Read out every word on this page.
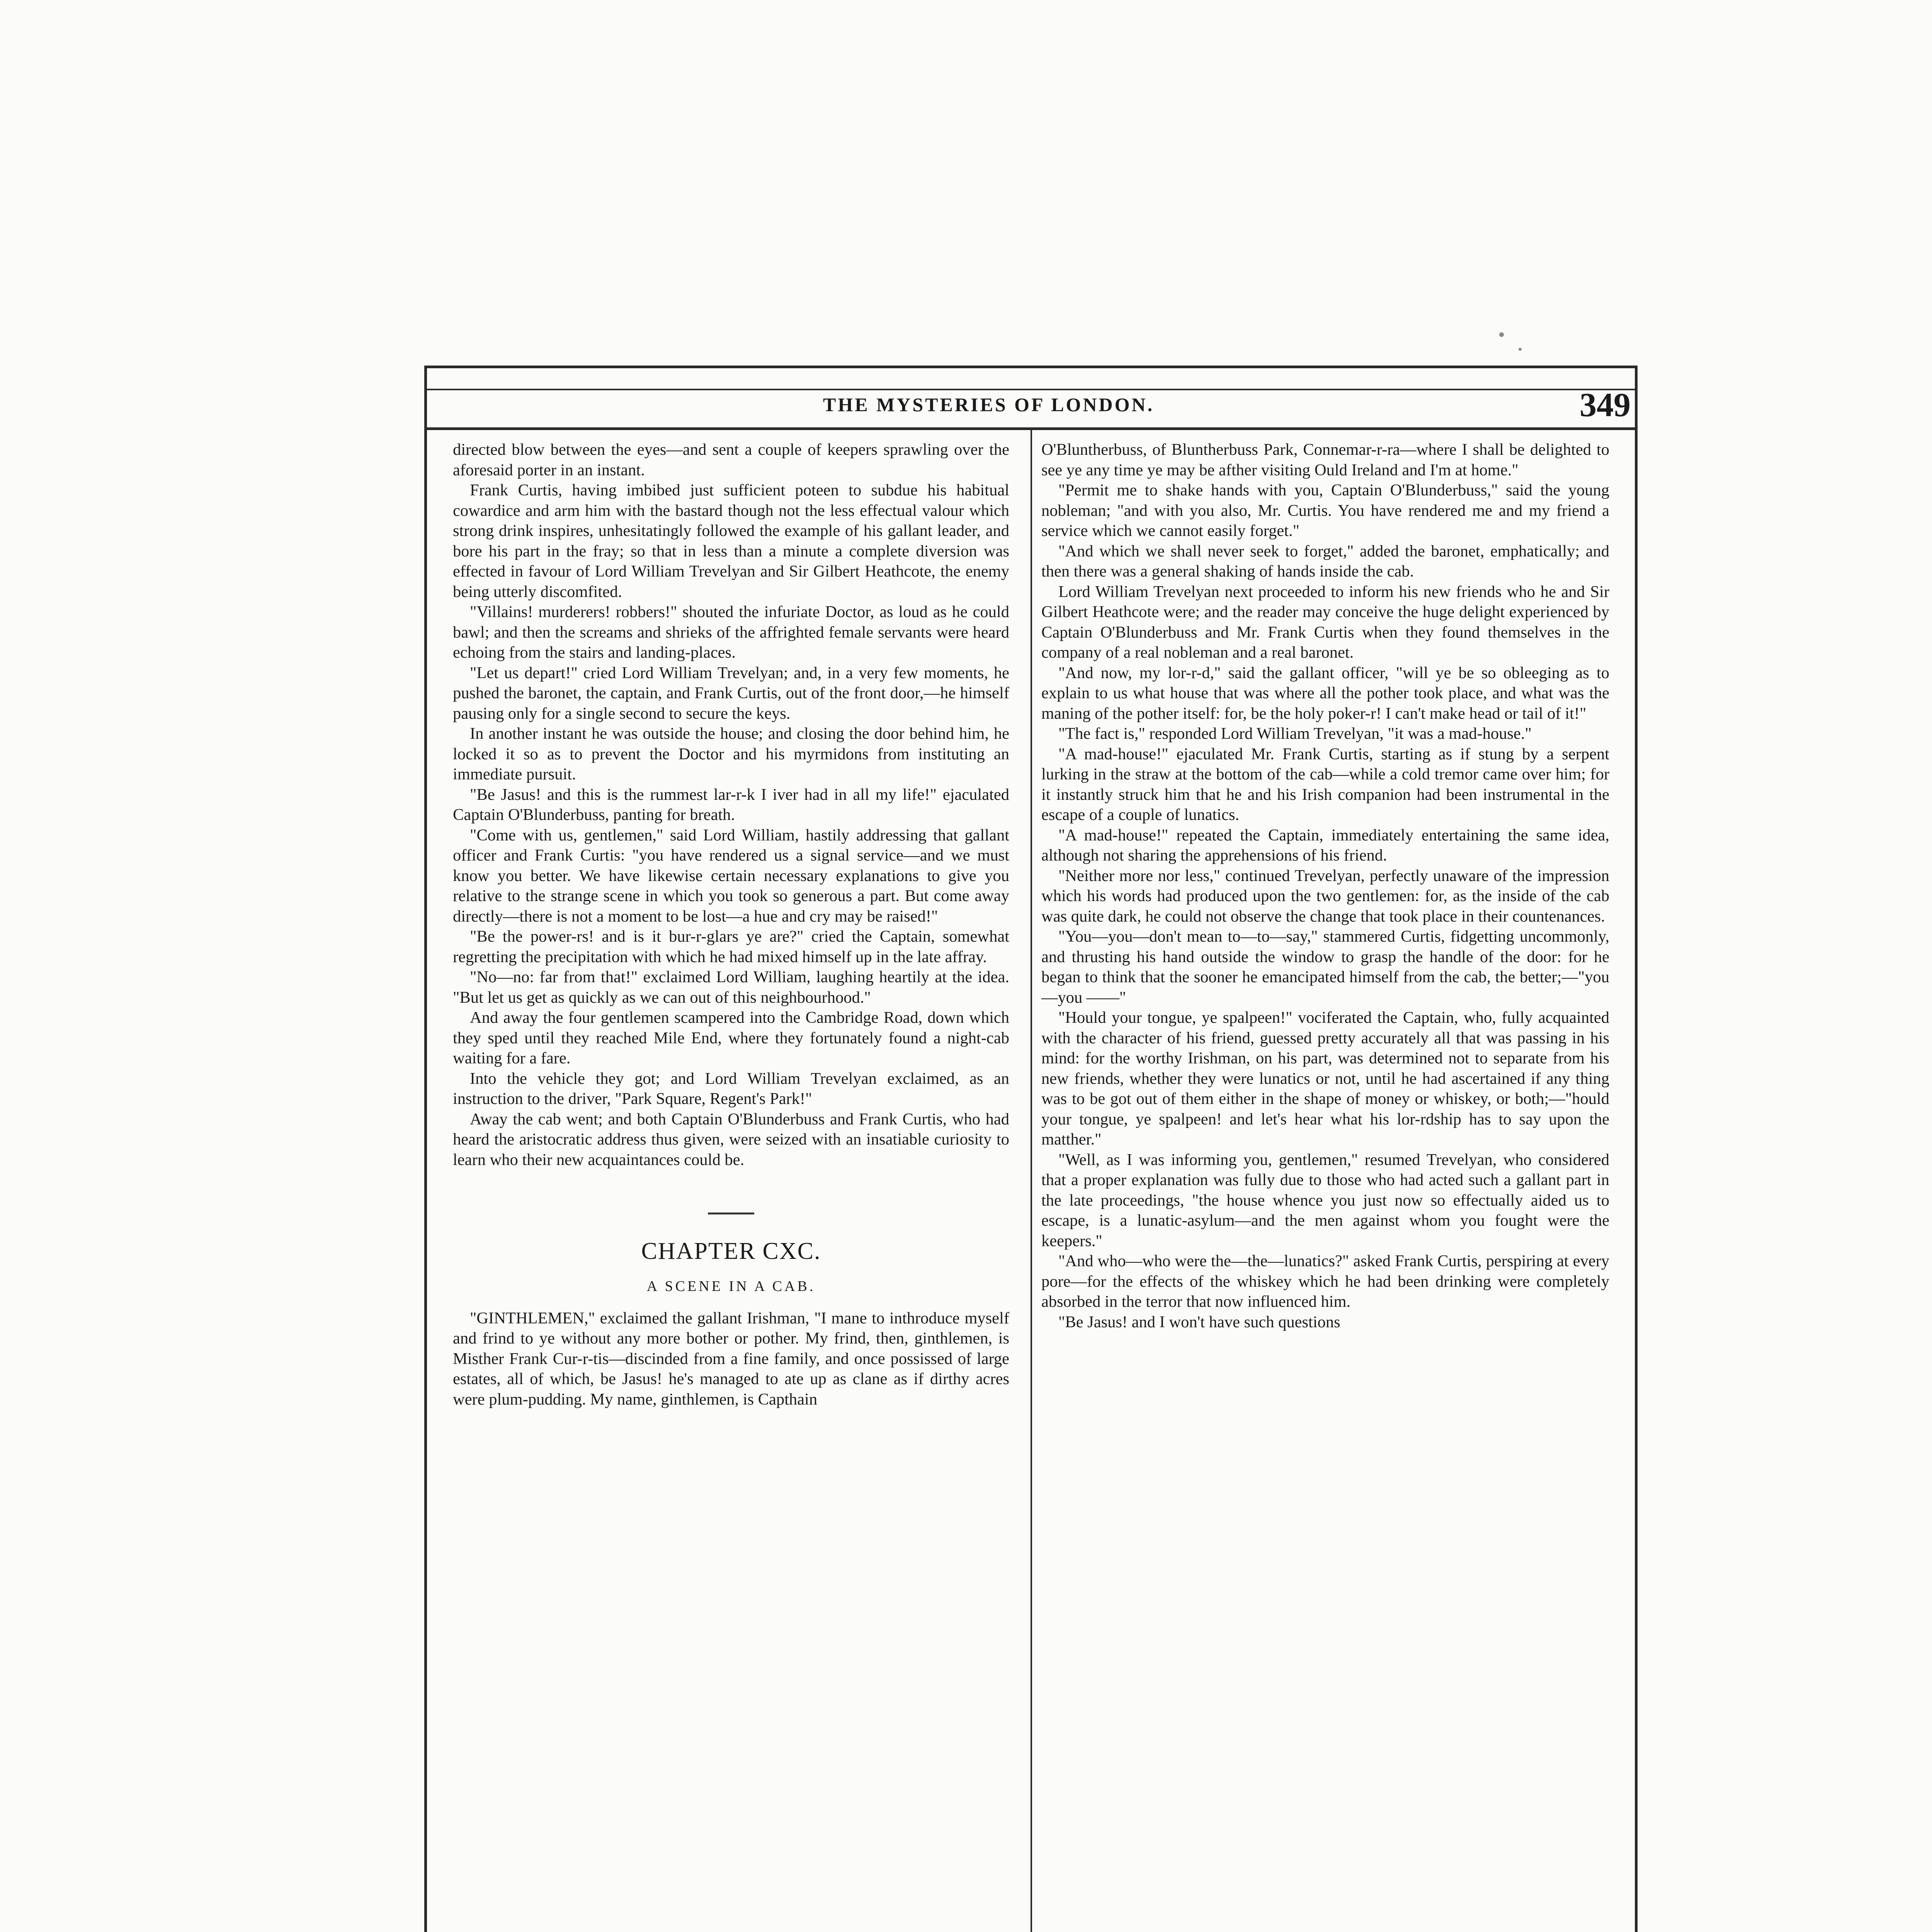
THE MYSTERIES OF LONDON.	349

directed blow between the eyes—and sent a couple of keepers sprawling over the aforesaid porter in an instant.

Frank Curtis, having imbibed just sufficient poteen to subdue his habitual cowardice and arm him with the bastard though not the less effectual valour which strong drink inspires, unhesitatingly followed the example of his gallant leader, and bore his part in the fray; so that in less than a minute a complete diversion was effected in favour of Lord William Trevelyan and Sir Gilbert Heathcote, the enemy being utterly discomfited.

"Villains! murderers! robbers!" shouted the infuriate Doctor, as loud as he could bawl; and then the screams and shrieks of the affrighted female servants were heard echoing from the stairs and landing-places.

"Let us depart!" cried Lord William Trevelyan; and, in a very few moments, he pushed the baronet, the captain, and Frank Curtis, out of the front door,—he himself pausing only for a single second to secure the keys.

In another instant he was outside the house; and closing the door behind him, he locked it so as to prevent the Doctor and his myrmidons from instituting an immediate pursuit.

"Be Jasus! and this is the rummest lar-r-k I iver had in all my life!" ejaculated Captain O'Blunderbuss, panting for breath.

"Come with us, gentlemen," said Lord William, hastily addressing that gallant officer and Frank Curtis: "you have rendered us a signal service—and we must know you better. We have likewise certain necessary explanations to give you relative to the strange scene in which you took so generous a part. But come away directly—there is not a moment to be lost—a hue and cry may be raised!"

"Be the power-rs! and is it bur-r-glars ye are?" cried the Captain, somewhat regretting the precipitation with which he had mixed himself up in the late affray.

"No—no: far from that!" exclaimed Lord William, laughing heartily at the idea. "But let us get as quickly as we can out of this neighbourhood."

And away the four gentlemen scampered into the Cambridge Road, down which they sped until they reached Mile End, where they fortunately found a night-cab waiting for a fare.

Into the vehicle they got; and Lord William Trevelyan exclaimed, as an instruction to the driver, "Park Square, Regent's Park!"

Away the cab went; and both Captain O'Blunderbuss and Frank Curtis, who had heard the aristocratic address thus given, were seized with an insatiable curiosity to learn who their new acquaintances could be.

CHAPTER CXC.
A SCENE IN A CAB.

"GINTHLEMEN," exclaimed the gallant Irishman, "I mane to inthroduce myself and frind to ye without any more bother or pother. My frind, then, ginthlemen, is Misther Frank Cur-r-tis—discinded from a fine family, and once possissed of large estates, all of which, be Jasus! he's managed to ate up as clane as if dirthy acres were plum-pudding. My name, ginthlemen, is Capthain

O'Bluntherbuss, of Bluntherbuss Park, Connemar-r-ra—where I shall be delighted to see ye any time ye may be afther visiting Ould Ireland and I'm at home."

"Permit me to shake hands with you, Captain O'Blunderbuss," said the young nobleman; "and with you also, Mr. Curtis. You have rendered me and my friend a service which we cannot easily forget."

"And which we shall never seek to forget," added the baronet, emphatically; and then there was a general shaking of hands inside the cab.

Lord William Trevelyan next proceeded to inform his new friends who he and Sir Gilbert Heathcote were; and the reader may conceive the huge delight experienced by Captain O'Blunderbuss and Mr. Frank Curtis when they found themselves in the company of a real nobleman and a real baronet.

"And now, my lor-r-d," said the gallant officer, "will ye be so obleeging as to explain to us what house that was where all the pother took place, and what was the maning of the pother itself: for, be the holy poker-r! I can't make head or tail of it!"

"The fact is," responded Lord William Trevelyan, "it was a mad-house."

"A mad-house!" ejaculated Mr. Frank Curtis, starting as if stung by a serpent lurking in the straw at the bottom of the cab—while a cold tremor came over him; for it instantly struck him that he and his Irish companion had been instrumental in the escape of a couple of lunatics.

"A mad-house!" repeated the Captain, immediately entertaining the same idea, although not sharing the apprehensions of his friend.

"Neither more nor less," continued Trevelyan, perfectly unaware of the impression which his words had produced upon the two gentlemen: for, as the inside of the cab was quite dark, he could not observe the change that took place in their countenances.

"You—you—don't mean to—to—say," stammered Curtis, fidgetting uncommonly, and thrusting his hand outside the window to grasp the handle of the door: for he began to think that the sooner he emancipated himself from the cab, the better;—"you—you ——"

"Hould your tongue, ye spalpeen!" vociferated the Captain, who, fully acquainted with the character of his friend, guessed pretty accurately all that was passing in his mind: for the worthy Irishman, on his part, was determined not to separate from his new friends, whether they were lunatics or not, until he had ascertained if any thing was to be got out of them either in the shape of money or whiskey, or both;—"hould your tongue, ye spalpeen! and let's hear what his lor-rdship has to say upon the matther."

"Well, as I was informing you, gentlemen," resumed Trevelyan, who considered that a proper explanation was fully due to those who had acted such a gallant part in the late proceedings, "the house whence you just now so effectually aided us to escape, is a lunatic-asylum—and the men against whom you fought were the keepers."

"And who—who were the—the—lunatics?" asked Frank Curtis, perspiring at every pore—for the effects of the whiskey which he had been drinking were completely absorbed in the terror that now influenced him.

"Be Jasus! and I won't have such questions
